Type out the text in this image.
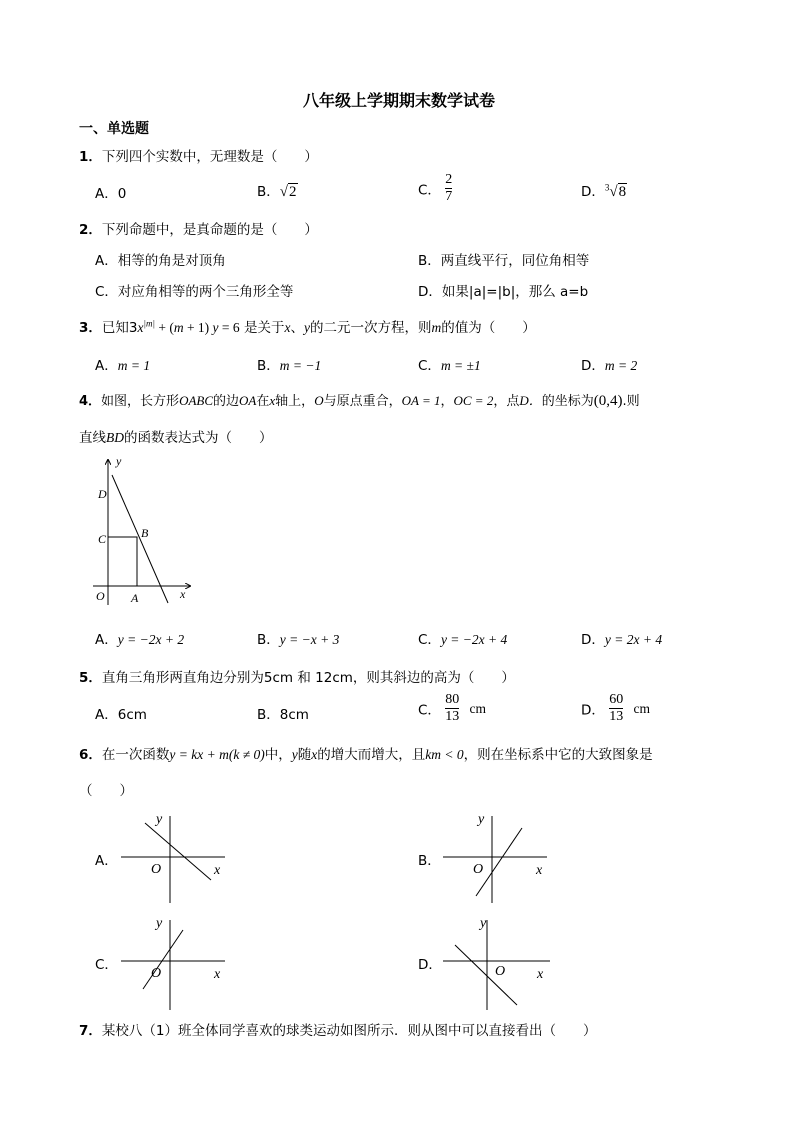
八年级上学期期末数学试卷
一、单选题
1．下列四个实数中，无理数是（　　）
A．0	B．√2	C． $\frac{2}{7}$	D．$^3$√8
2．下列命题中，是真命题的是（　　）
A．相等的角是对顶角	B．两直线平行，同位角相等
C．对应角相等的两个三角形全等	D．如果|a|=|b|，那么 a=b
3．已知$3x^{|m|} + (m + 1) y = 6$ 是关于x、y的二元一次方程，则m的值为（　　）
A．m = 1	B．m = −1	C．m = ±1	D．m = 2
4．如图，长方形OABC的边OA在x轴上，O与原点重合，OA = 1，OC = 2，点D．的坐标为(0,4).则
直线BD的函数表达式为（　　）
y
x
D
B
C
O A
A．y = −2x + 2	B．y = −x + 3	C．y = −2x + 4	D．y = 2x + 4
5．直角三角形两直角边分别为5cm 和 12cm，则其斜边的高为（　　）
A．6cm	B．8cm	C． $\frac{80}{13}$ cm	D． $\frac{60}{13}$ cm
6．在一次函数y = kx + m(k ≠ 0)中，y随x的增大而增大，且km < 0，则在坐标系中它的大致图象是
（　　）
A．
y
x
O
B．
y
x
O
C．
y
x
O
D．
y
x
O
7．某校八（1）班全体同学喜欢的球类运动如图所示．则从图中可以直接看出（　　）
